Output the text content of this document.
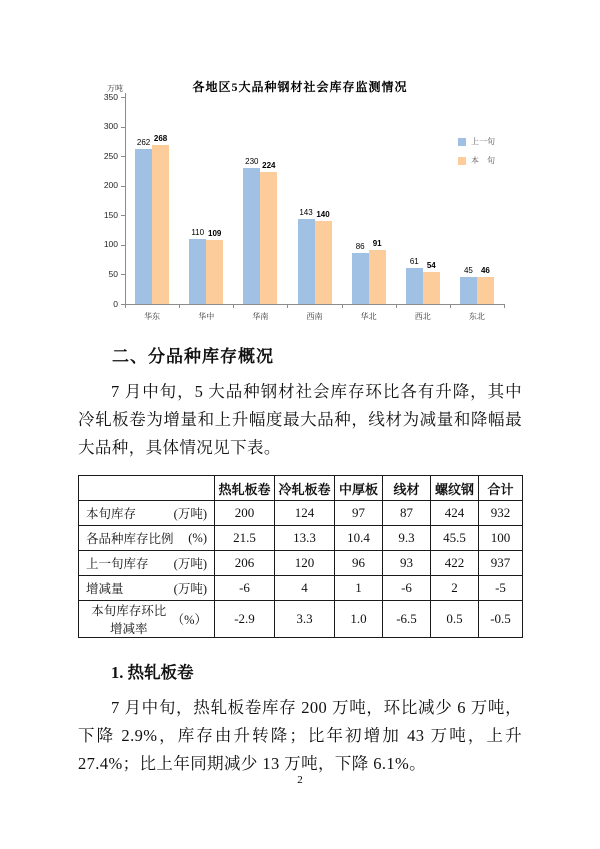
各地区5大品种钢材社会库存监测情况
万吨
0
50
100
150
200
250
300
350
262 268
华东
110 109
华中
230 224
华南
143 140
西南
86	91
华北
61	54
西北
45	46
东北
上一旬
本　旬
二、分品种库存概况

7 月中旬，5 大品种钢材社会库存环比各有升降，其中冷轧板卷为增量和上升幅度最大品种，线材为减量和降幅最大品种，具体情况见下表。

	热轧板卷	冷轧板卷	中厚板	线材	螺纹钢	合计

本旬库存 (万吨)	200	124	97	87	424	932

各品种库存比例 (%)	21.5	13.3	10.4	9.3	45.5	100

上一旬库存 (万吨)	206	120	96	93	422	937

增减量 (万吨)	-6	4	1	-6	2	-5

本旬库存环比增减率
（%）	-2.9	3.3	1.0	-6.5	0.5	-0.5
1. 热轧板卷

7 月中旬，热轧板卷库存 200 万吨，环比减少 6 万吨，下降 2.9%，库存由升转降；比年初增加 43 万吨，上升 27.4%；比上年同期减少 13 万吨，下降 6.1%。

2
